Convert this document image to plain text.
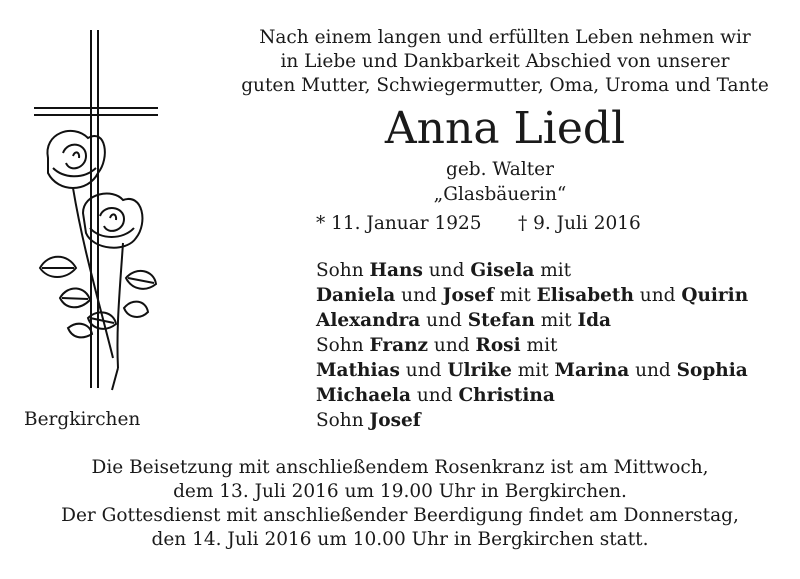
Nach einem langen und erfüllten Leben nehmen wir
in Liebe und Dankbarkeit Abschied von unserer
guten Mutter, Schwiegermutter, Oma, Uroma und Tante
Anna Liedl
geb. Walter
„Glasbäuerin“
* 11. Januar 1925 † 9. Juli 2016
Sohn Hans und Gisela mit
Daniela und Josef mit Elisabeth und Quirin
Alexandra und Stefan mit Ida
Sohn Franz und Rosi mit
Mathias und Ulrike mit Marina und Sophia
Michaela und Christina
Sohn Josef
Bergkirchen
Die Beisetzung mit anschließendem Rosenkranz ist am Mittwoch,
dem 13. Juli 2016 um 19.00 Uhr in Bergkirchen.
Der Gottesdienst mit anschließender Beerdigung findet am Donnerstag,
den 14. Juli 2016 um 10.00 Uhr in Bergkirchen statt.
